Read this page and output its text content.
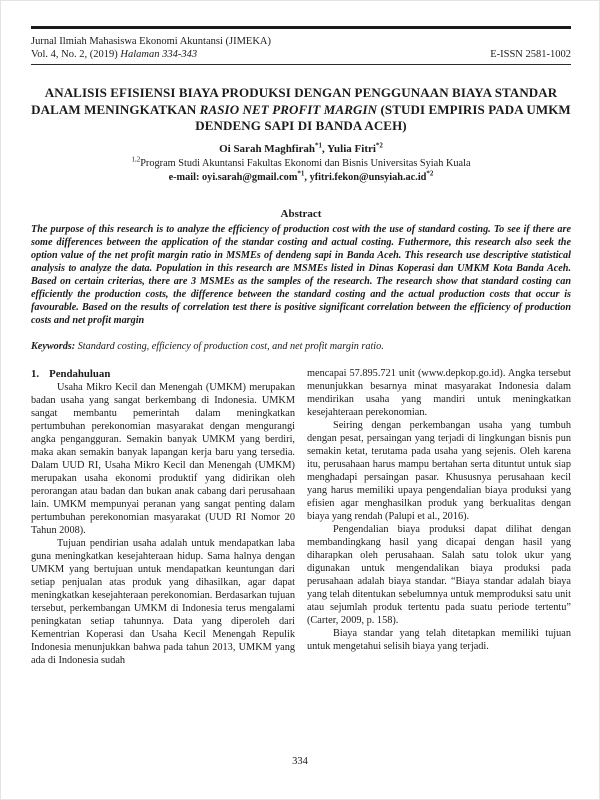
Jurnal Ilmiah Mahasiswa Ekonomi Akuntansi (JIMEKA)
Vol. 4, No. 2, (2019) Halaman 334-343	E-ISSN 2581-1002
ANALISIS EFISIENSI BIAYA PRODUKSI DENGAN PENGGUNAAN BIAYA STANDAR DALAM MENINGKATKAN RASIO NET PROFIT MARGIN (STUDI EMPIRIS PADA UMKM DENDENG SAPI DI BANDA ACEH)
Oi Sarah Maghfirah$^{*1}$, Yulia Fitri$^{*2}$
$^{1,2}$Program Studi Akuntansi Fakultas Ekonomi dan Bisnis Universitas Syiah Kuala
e-mail: oyi.sarah@gmail.com$^{*1}$, $yfitri.fekon@unsyiah.ac.id^{*2}$
Abstract

The purpose of this research is to analyze the efficiency of production cost with the use of standard costing. To see if there are some differences between the application of the standar costing and actual costing. Futhermore, this research also seek the option value of the net profit margin ratio in MSMEs of dendeng sapi in Banda Aceh. This research use descriptive statistical analysis to analyze the data. Population in this research are MSMEs listed in Dinas Koperasi dan UMKM Kota Banda Aceh. Based on certain criterias, there are 3 MSMEs as the samples of the research. The research show that standard costing can efficiently the production costs, the difference between the standard costing and the actual production costs that occur is favourable. Based on the results of correlation test there is positive significant correlation between the efficiency of production costs and net profit margin

Keywords: Standard costing, efficiency of production cost, and net profit margin ratio.

1. Pendahuluan

Usaha Mikro Kecil dan Menengah (UMKM) merupakan badan usaha yang sangat berkembang di Indonesia. UMKM sangat membantu pemerintah dalam meningkatkan pertumbuhan perekonomian masyarakat dengan mengurangi angka pengangguran. Semakin banyak UMKM yang berdiri, maka akan semakin banyak lapangan kerja baru yang tersedia. Dalam UUD RI, Usaha Mikro Kecil dan Menengah (UMKM) merupakan usaha ekonomi produktif yang didirikan oleh perorangan atau badan dan bukan anak cabang dari perusahaan lain. UMKM mempunyai peranan yang sangat penting dalam pertumbuhan perekonomian masyarakat (UUD RI Nomor 20 Tahun 2008).

Tujuan pendirian usaha adalah untuk mendapatkan laba guna meningkatkan kesejahteraan hidup. Sama halnya dengan UMKM yang bertujuan untuk mendapatkan keuntungan dari setiap penjualan atas produk yang dihasilkan, agar dapat meningkatkan kesejahteraan perekonomian. Berdasarkan tujuan tersebut, perkembangan UMKM di Indonesia terus mengalami peningkatan setiap tahunnya. Data yang diperoleh dari Kementrian Koperasi dan Usaha Kecil Menengah Repulik Indonesia menunjukkan bahwa pada tahun 2013, UMKM yang ada di Indonesia sudah

mencapai 57.895.721 unit (www.depkop.go.id). Angka tersebut menunjukkan besarnya minat masyarakat Indonesia dalam mendirikan usaha yang mandiri untuk meningkatkan kesejahteraan perekonomian.

Seiring dengan perkembangan usaha yang tumbuh dengan pesat, persaingan yang terjadi di lingkungan bisnis pun semakin ketat, terutama pada usaha yang sejenis. Oleh karena itu, perusahaan harus mampu bertahan serta dituntut untuk siap menghadapi persaingan pasar. Khususnya perusahaan kecil yang harus memiliki upaya pengendalian biaya produksi yang efisien agar menghasilkan produk yang berkualitas dengan biaya yang rendah (Palupi et al., 2016).

Pengendalian biaya produksi dapat dilihat dengan membandingkang hasil yang dicapai dengan hasil yang diharapkan oleh perusahaan. Salah satu tolok ukur yang digunakan untuk mengendalikan biaya produksi pada perusahaan adalah biaya standar. “Biaya standar adalah biaya yang telah ditentukan sebelumnya untuk memproduksi satu unit atau sejumlah produk tertentu pada suatu periode tertentu” (Carter, 2009, p. 158).

Biaya standar yang telah ditetapkan memiliki tujuan untuk mengetahui selisih biaya yang terjadi.

334
